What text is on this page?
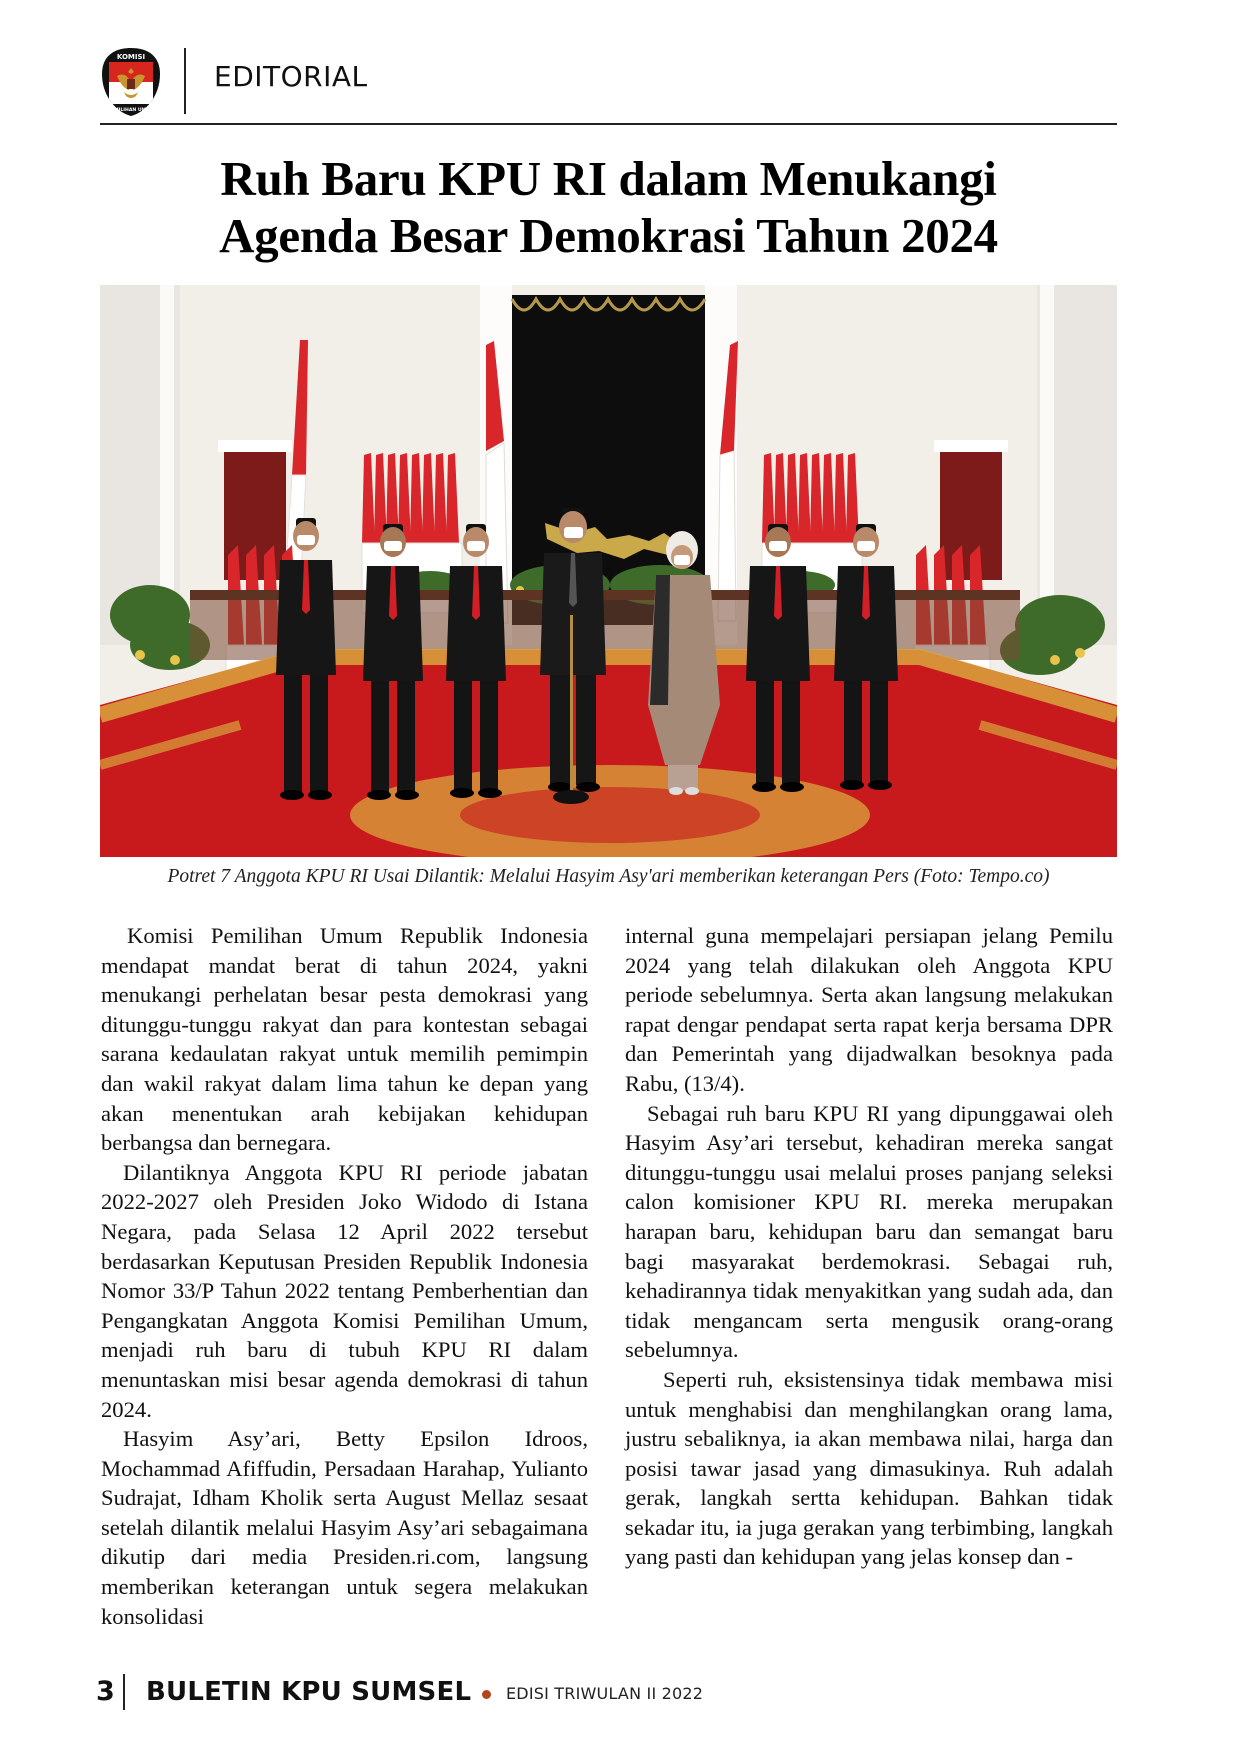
KOMISI
PEMILIHAN UMUM
EDITORIAL
Ruh Baru KPU RI dalam Menukangi
Agenda Besar Demokrasi Tahun 2024
Potret 7 Anggota KPU RI Usai Dilantik: Melalui Hasyim Asy'ari memberikan keterangan Pers (Foto: Tempo.co)

Komisi Pemilihan Umum Republik Indonesia mendapat mandat berat di tahun 2024, yakni menukangi perhelatan besar pesta demokrasi yang ditunggu-tunggu rakyat dan para kontestan sebagai sarana kedaulatan rakyat untuk memilih pemimpin dan wakil rakyat dalam lima tahun ke depan yang akan menentukan arah kebijakan kehidupan berbangsa dan bernegara.

Dilantiknya Anggota KPU RI periode jabatan 2022-2027 oleh Presiden Joko Widodo di Istana Negara, pada Selasa 12 April 2022 tersebut berdasarkan Keputusan Presiden Republik Indonesia Nomor 33/P Tahun 2022 tentang Pemberhentian dan Pengangkatan Anggota Komisi Pemilihan Umum, menjadi ruh baru di tubuh KPU RI dalam menuntaskan misi besar agenda demokrasi di tahun 2024.

Hasyim Asy’ari, Betty Epsilon Idroos, Mochammad Afiffudin, Persadaan Harahap, Yulianto Sudrajat, Idham Kholik serta August Mellaz sesaat setelah dilantik melalui Hasyim Asy’ari sebagaimana dikutip dari media Presiden.ri.com, langsung memberikan keterangan untuk segera melakukan konsolidasi

internal guna mempelajari persiapan jelang Pemilu 2024 yang telah dilakukan oleh Anggota KPU periode sebelumnya. Serta akan langsung melakukan rapat dengar pendapat serta rapat kerja bersama DPR dan Pemerintah yang dijadwalkan besoknya pada Rabu, (13/4).

Sebagai ruh baru KPU RI yang dipunggawai oleh Hasyim Asy’ari tersebut, kehadiran mereka sangat ditunggu-tunggu usai melalui proses panjang seleksi calon komisioner KPU RI. mereka merupakan harapan baru, kehidupan baru dan semangat baru bagi masyarakat berdemokrasi. Sebagai ruh, kehadirannya tidak menyakitkan yang sudah ada, dan tidak mengancam serta mengusik orang-orang sebelumnya.

Seperti ruh, eksistensinya tidak membawa misi untuk menghabisi dan menghilangkan orang lama, justru sebaliknya, ia akan membawa nilai, harga dan posisi tawar jasad yang dimasukinya. Ruh adalah gerak, langkah sertta kehidupan. Bahkan tidak sekadar itu, ia juga gerakan yang terbimbing, langkah yang pasti dan kehidupan yang jelas konsep dan -

3 BULETIN KPU SUMSEL EDISI TRIWULAN II 2022
